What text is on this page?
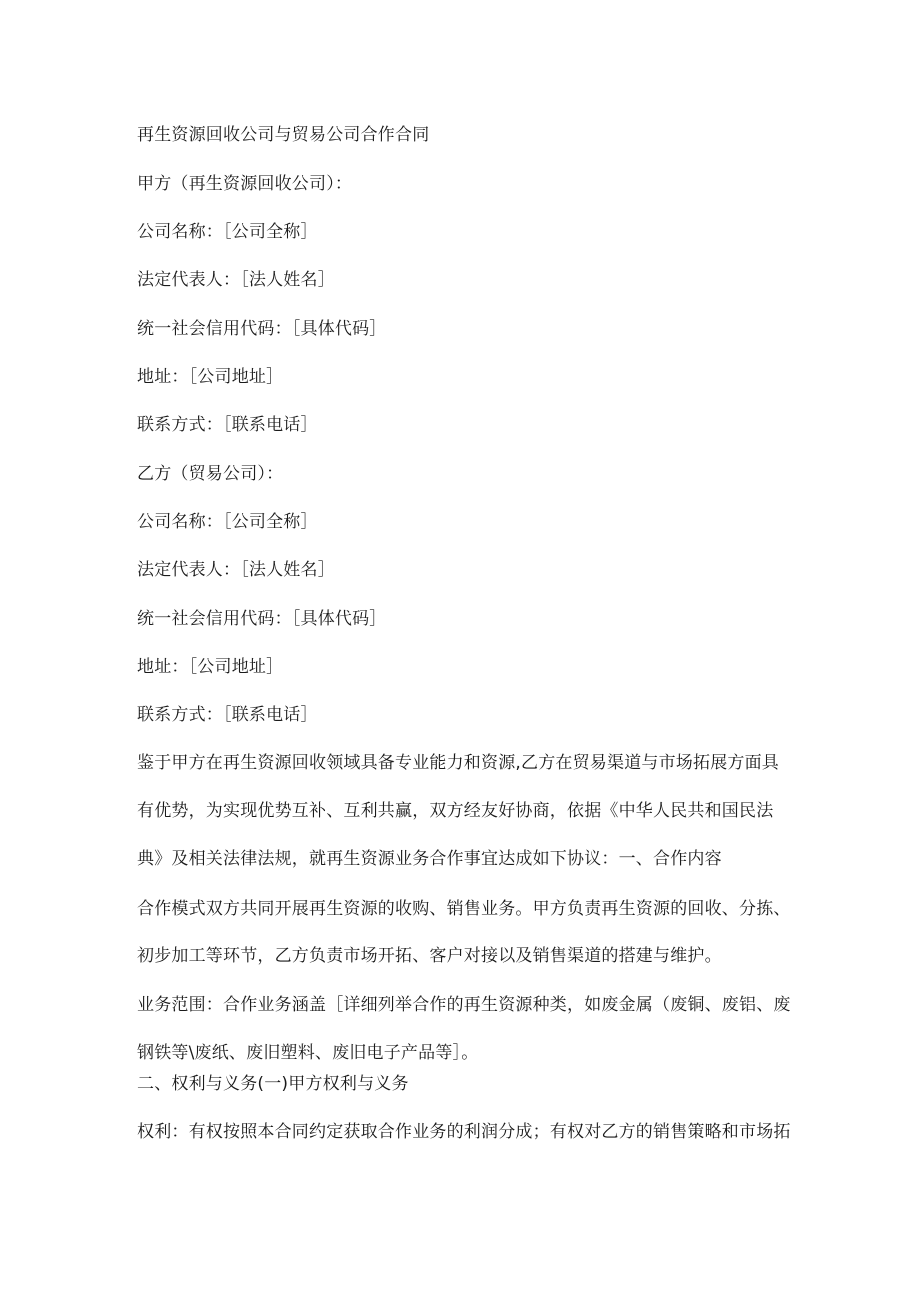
再生资源回收公司与贸易公司合作合同
甲方（再生资源回收公司）：
公司名称：［公司全称］
法定代表人：［法人姓名］
统一社会信用代码：［具体代码］
地址：［公司地址］
联系方式：［联系电话］
乙方（贸易公司）：
公司名称：［公司全称］
法定代表人：［法人姓名］
统一社会信用代码：［具体代码］
地址：［公司地址］
联系方式：［联系电话］
鉴于甲方在再生资源回收领域具备专业能力和资源,乙方在贸易渠道与市场拓展方面具
有优势，为实现优势互补、互利共赢，双方经友好协商，依据《中华人民共和国民法
典》及相关法律法规，就再生资源业务合作事宜达成如下协议：一、合作内容
合作模式双方共同开展再生资源的收购、销售业务。甲方负责再生资源的回收、分拣、
初步加工等环节，乙方负责市场开拓、客户对接以及销售渠道的搭建与维护。
业务范围：合作业务涵盖［详细列举合作的再生资源种类，如废金属（废铜、废铝、废
钢铁等\废纸、废旧塑料、废旧电子产品等］。
二、权利与义务(一)甲方权利与义务
权利：有权按照本合同约定获取合作业务的利润分成；有权对乙方的销售策略和市场拓
